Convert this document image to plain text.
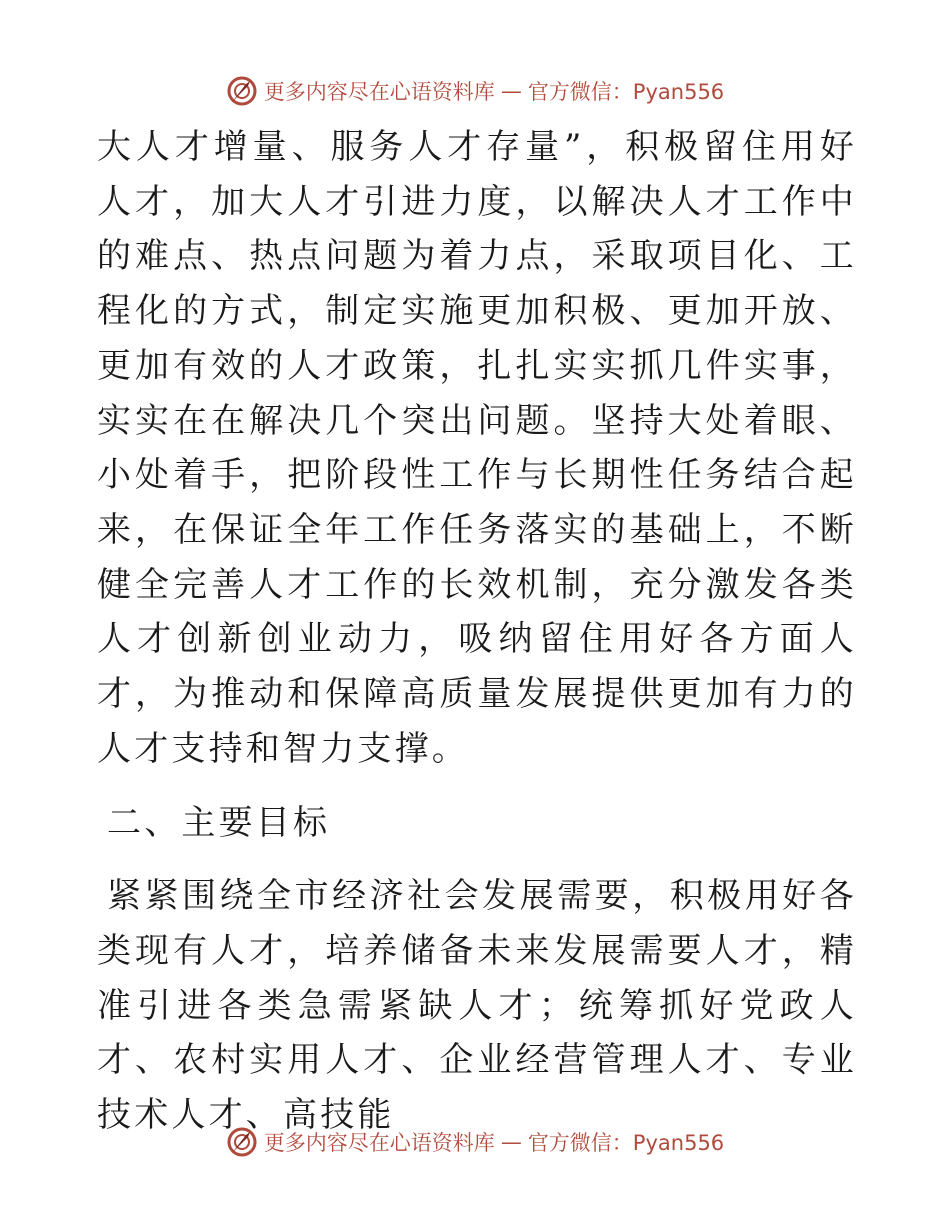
更多内容尽在心语资料库 — 官方微信：Pyan556

大人才增量、服务人才存量”，积极留住用好人才，加大人才引进力度，以解决人才工作中的难点、热点问题为着力点，采取项目化、工程化的方式，制定实施更加积极、更加开放、更加有效的人才政策，扎扎实实抓几件实事，实实在在解决几个突出问题。坚持大处着眼、小处着手，把阶段性工作与长期性任务结合起来，在保证全年工作任务落实的基础上，不断健全完善人才工作的长效机制，充分激发各类人才创新创业动力，吸纳留住用好各方面人才，为推动和保障高质量发展提供更加有力的人才支持和智力支撑。

二、主要目标

紧紧围绕全市经济社会发展需要，积极用好各类现有人才，培养储备未来发展需要人才，精准引进各类急需紧缺人才；统筹抓好党政人才、农村实用人才、企业经营管理人才、专业技术人才、高技能

更多内容尽在心语资料库 — 官方微信：Pyan556
